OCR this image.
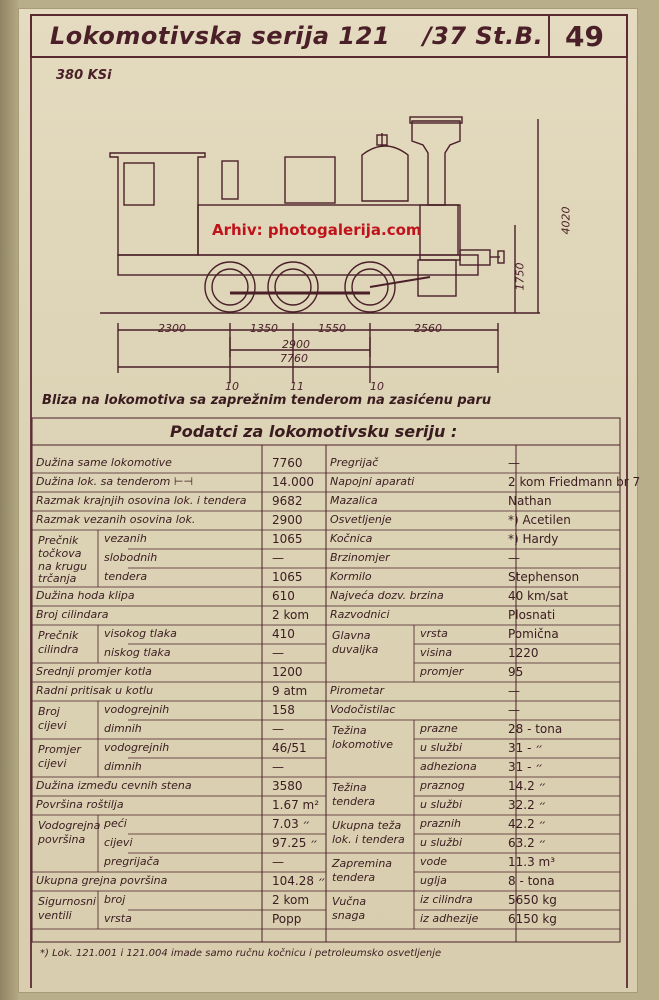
Lokomotivska serija 121 /37 St.B. 49
380 KSi
Arhiv: photogalerija.com
2300	1350	1550	2560
2900
7760
4020
1750
10	11	10
Bliza na lokomotiva sa zaprežnim tenderom na zasićenu paru
Podatci za lokomotivsku seriju :
Dužina same lokomotive	7760
Dužina lok. sa tenderom ⊢⊣	14.000
Razmak krajnjih osovina lok. i tendera 9682
Razmak vezanih osovina lok.	2900
Prečnik
točkova
na krugu
trčanja
vezanih	1065
slobodnih	—
tendera	1065
Dužina hoda klipa	610
Broj cilindara	2 kom
Prečnik
cilindra
visokog tlaka	410
niskog tlaka	—
Srednji promjer kotla	1200
Radni pritisak u kotlu	9 atm
Broj
cijevi
vodogrejnih	158
dimnih	—
Promjer
cijevi
vodogrejnih	46/51
dimnih	—
Dužina između cevnih stena	3580
Površina roštilja	1.67 m²
Vodogrejna
površina
peći	7.03 ״
cijevi	97.25 ״
pregrijača	—
Ukupna grejna površina	104.28 ״
Sigurnosni
ventili
broj	2 kom
vrsta	Popp
Pregrijač	—
Napojni aparati	2 kom Friedmann br 7
Mazalica	Nathan
Osvetljenje	*) Acetilen
Kočnica	*) Hardy
Brzinomjer	—
Kormilo	Stephenson
Najveća dozv. brzina	40 km/sat
Razvodnici	Plosnati
Glavna
duvaljka
vrsta	Pomična
visina	1220
promjer	95
Pirometar	—
Vodočistilac	—
Težina
lokomotive
prazne	28 - tona
u službi	31 - ״
adheziona	31 - ״
Težina
tendera
praznog	14.2 ״
u službi	32.2 ״
Ukupna teža
lok. i tendera
praznih	42.2 ״
u službi	63.2 ״
Zapremina
tendera
vode	11.3 m³
uglja	8 - tona
Vučna
snaga
iz cilindra	5650 kg
iz adhezije 6150 kg
*) Lok. 121.001 i 121.004 imade samo ručnu kočnicu i petroleumsko osvetljenje
